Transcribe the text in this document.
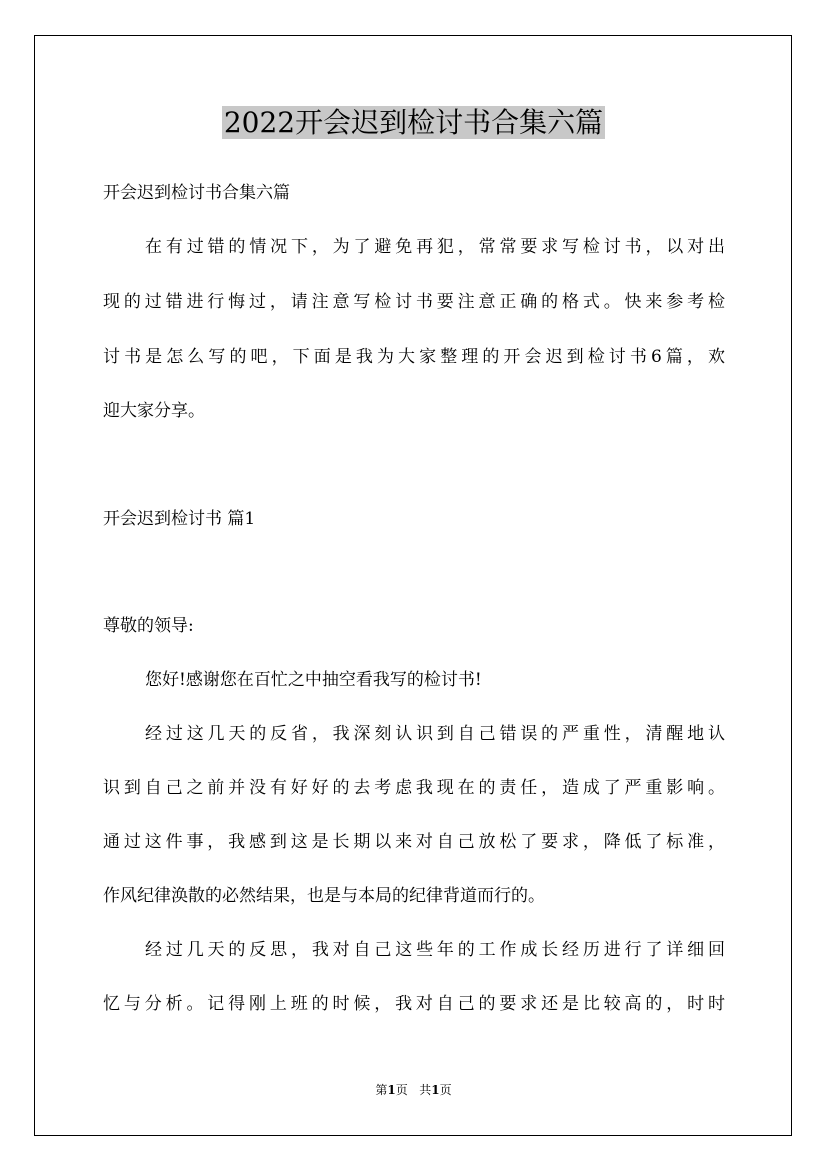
2022开会迟到检讨书合集六篇

开会迟到检讨书合集六篇

在有过错的情况下，为了避免再犯，常常要求写检讨书，以对出

现的过错进行悔过，请注意写检讨书要注意正确的格式。快来参考检

讨书是怎么写的吧，下面是我为大家整理的开会迟到检讨书6篇，欢

迎大家分享。

开会迟到检讨书 篇1

尊敬的领导:

您好!感谢您在百忙之中抽空看我写的检讨书!

经过这几天的反省，我深刻认识到自己错误的严重性，清醒地认

识到自己之前并没有好好的去考虑我现在的责任，造成了严重影响。

通过这件事，我感到这是长期以来对自己放松了要求，降低了标准，

作风纪律涣散的必然结果，也是与本局的纪律背道而行的。

经过几天的反思，我对自己这些年的工作成长经历进行了详细回

忆与分析。记得刚上班的时候，我对自己的要求还是比较高的，时时

第1页 共1页
